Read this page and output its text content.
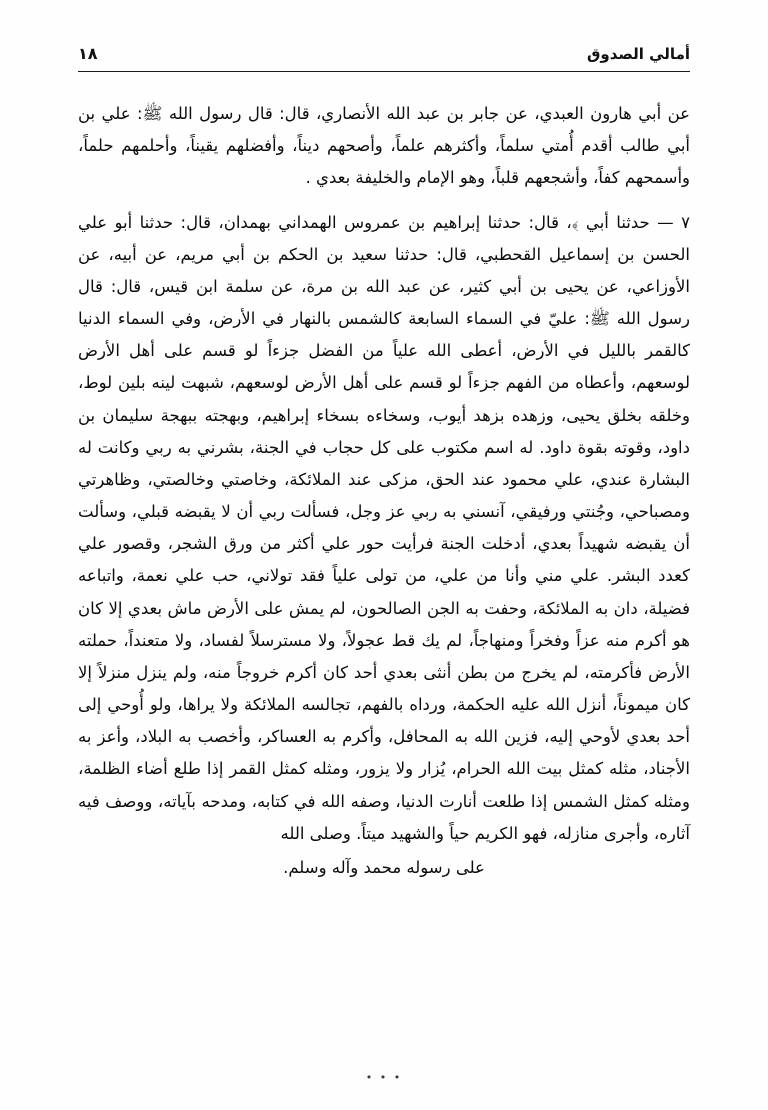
أمالي الصدوق
١٨

عن أبي هارون العبدي، عن جابر بن عبد الله الأنصاري، قال: قال رسول الله ﷺ: علي بن أبي طالب أقدم أُمتي سلماً، وأكثرهم علماً، وأصحهم ديناً، وأفضلهم يقيناً، وأحلمهم حلماً، وأسمحهم كفاً، وأشجعهم قلباً، وهو الإمام والخليفة بعدي .

٧ — حدثنا أبي ﴾، قال: حدثنا إبراهيم بن عمروس الهمداني بهمدان، قال: حدثنا أبو علي الحسن بن إسماعيل القحطبي، قال: حدثنا سعيد بن الحكم بن أبي مريم، عن أبيه، عن الأوزاعي، عن يحيى بن أبي كثير، عن عبد الله بن مرة، عن سلمة ابن قيس، قال: قال رسول الله ﷺ: عليّ في السماء السابعة كالشمس بالنهار في الأرض، وفي السماء الدنيا كالقمر بالليل في الأرض، أعطى الله علياً من الفضل جزءاً لو قسم على أهل الأرض لوسعهم، وأعطاه من الفهم جزءاً لو قسم على أهل الأرض لوسعهم، شبهت لينه بلين لوط، وخلقه بخلق يحيى، وزهده بزهد أيوب، وسخاءه بسخاء إبراهيم، وبهجته ببهجة سليمان بن داود، وقوته بقوة داود. له اسم مكتوب على كل حجاب في الجنة، بشرني به ربي وكانت له البشارة عندي، علي محمود عند الحق، مزكى عند الملائكة، وخاصتي وخالصتي، وظاهرتي ومصباحي، وجُنتي ورفيقي، آنسني به ربي عز وجل، فسألت ربي أن لا يقبضه قبلي، وسألت أن يقبضه شهيداً بعدي، أدخلت الجنة فرأيت حور علي أكثر من ورق الشجر، وقصور علي كعدد البشر. علي مني وأنا من علي، من تولى علياً فقد تولاني، حب علي نعمة، واتباعه فضيلة، دان به الملائكة، وحفت به الجن الصالحون، لم يمش على الأرض ماش بعدي إلا كان هو أكرم منه عزاً وفخراً ومنهاجاً، لم يك قط عجولاً، ولا مسترسلاً لفساد، ولا متعنداً، حملته الأرض فأكرمته، لم يخرج من بطن أنثى بعدي أحد كان أكرم خروجاً منه، ولم ينزل منزلاً إلا كان ميموناً، أنزل الله عليه الحكمة، ورداه بالفهم، تجالسه الملائكة ولا يراها، ولو أُوحي إلى أحد بعدي لأوحي إليه، فزين الله به المحافل، وأكرم به العساكر، وأخصب به البلاد، وأعز به الأجناد، مثله كمثل بيت الله الحرام، يُزار ولا يزور، ومثله كمثل القمر إذا طلع أضاء الظلمة، ومثله كمثل الشمس إذا طلعت أنارت الدنيا، وصفه الله في كتابه، ومدحه بآياته، ووصف فيه آثاره، وأجرى منازله، فهو الكريم حياً والشهيد ميتاً. وصلى الله

على رسوله محمد وآله وسلم.

• • •
